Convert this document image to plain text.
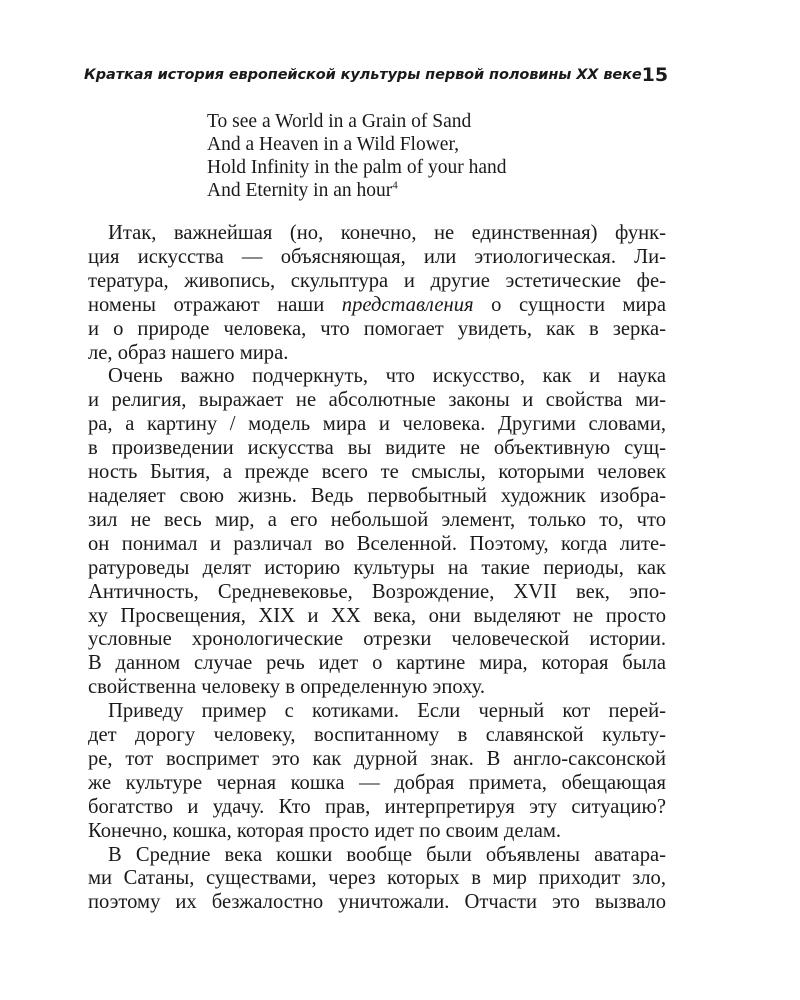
Краткая история европейской культуры первой половины XX веке 15
To see a World in a Grain of Sand
And a Heaven in a Wild Flower,
Hold Infinity in the palm of your hand
And Eternity in an hour$^4$

Итак, важнейшая (но, конечно, не единственная) функ-
ция искусства — объясняющая, или этиологическая. Ли-
тература, живопись, скульптура и другие эстетические фе-
номены отражают наши представления о сущности мира
и о природе человека, что помогает увидеть, как в зерка-
ле, образ нашего мира.

Очень важно подчеркнуть, что искусство, как и наука
и религия, выражает не абсолютные законы и свойства ми-
ра, а картину / модель мира и человека. Другими словами,
в произведении искусства вы видите не объективную сущ-
ность Бытия, а прежде всего те смыслы, которыми человек
наделяет свою жизнь. Ведь первобытный художник изобра-
зил не весь мир, а его небольшой элемент, только то, что
он понимал и различал во Вселенной. Поэтому, когда лите-
ратуроведы делят историю культуры на такие периоды, как
Античность, Средневековье, Возрождение, XVII век, эпо-
ху Просвещения, XIX и XX века, они выделяют не просто
условные хронологические отрезки человеческой истории.
В данном случае речь идет о картине мира, которая была
свойственна человеку в определенную эпоху.

Приведу пример с котиками. Если черный кот перей-
дет дорогу человеку, воспитанному в славянской культу-
ре, тот воспримет это как дурной знак. В англо-саксонской
же культуре черная кошка — добрая примета, обещающая
богатство и удачу. Кто прав, интерпретируя эту ситуацию?
Конечно, кошка, которая просто идет по своим делам.

В Средние века кошки вообще были объявлены аватара-
ми Сатаны, существами, через которых в мир приходит зло,
поэтому их безжалостно уничтожали. Отчасти это вызвало
